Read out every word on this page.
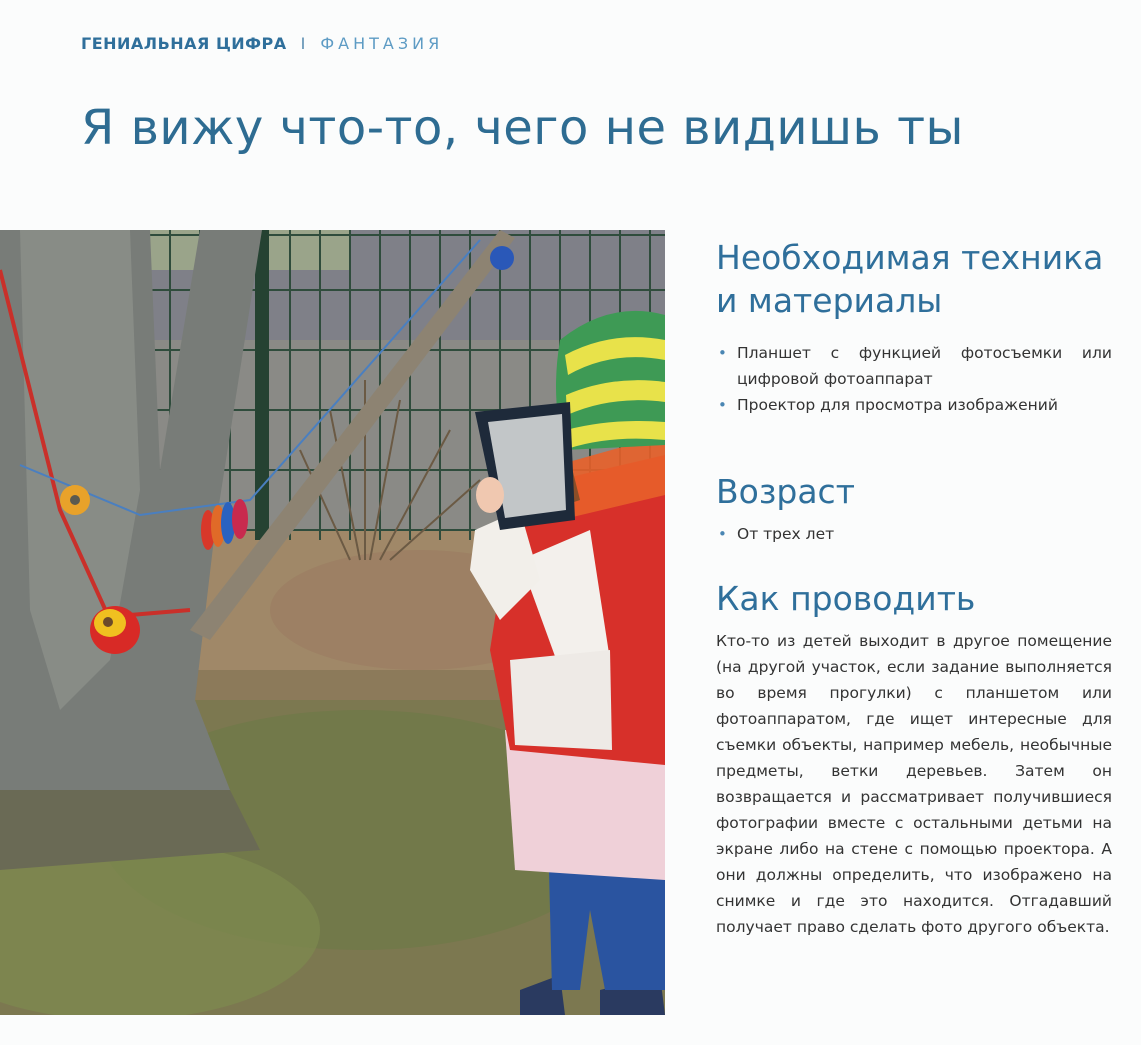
ГЕНИАЛЬНАЯ ЦИФРА I ФАНТАЗИЯ
Я вижу что-то, чего не видишь ты
Необходимая техника
и материалы
• Планшет с функцией фотосъемки или цифровой фотоаппарат
• Проектор для просмотра изображений
Возраст
• От трех лет
Как проводить

Кто-то из детей выходит в другое помещение (на другой участок, если задание выполняется во время прогулки) с планшетом или фотоаппаратом, где ищет интересные для съемки объекты, например мебель, необычные предметы, ветки деревьев. Затем он возвращается и рассматривает получившиеся фотографии вместе с остальными детьми на экране либо на стене с помощью проектора. А они должны определить, что изображено на снимке и где это находится. Отгадавший получает право сделать фото другого объекта.
